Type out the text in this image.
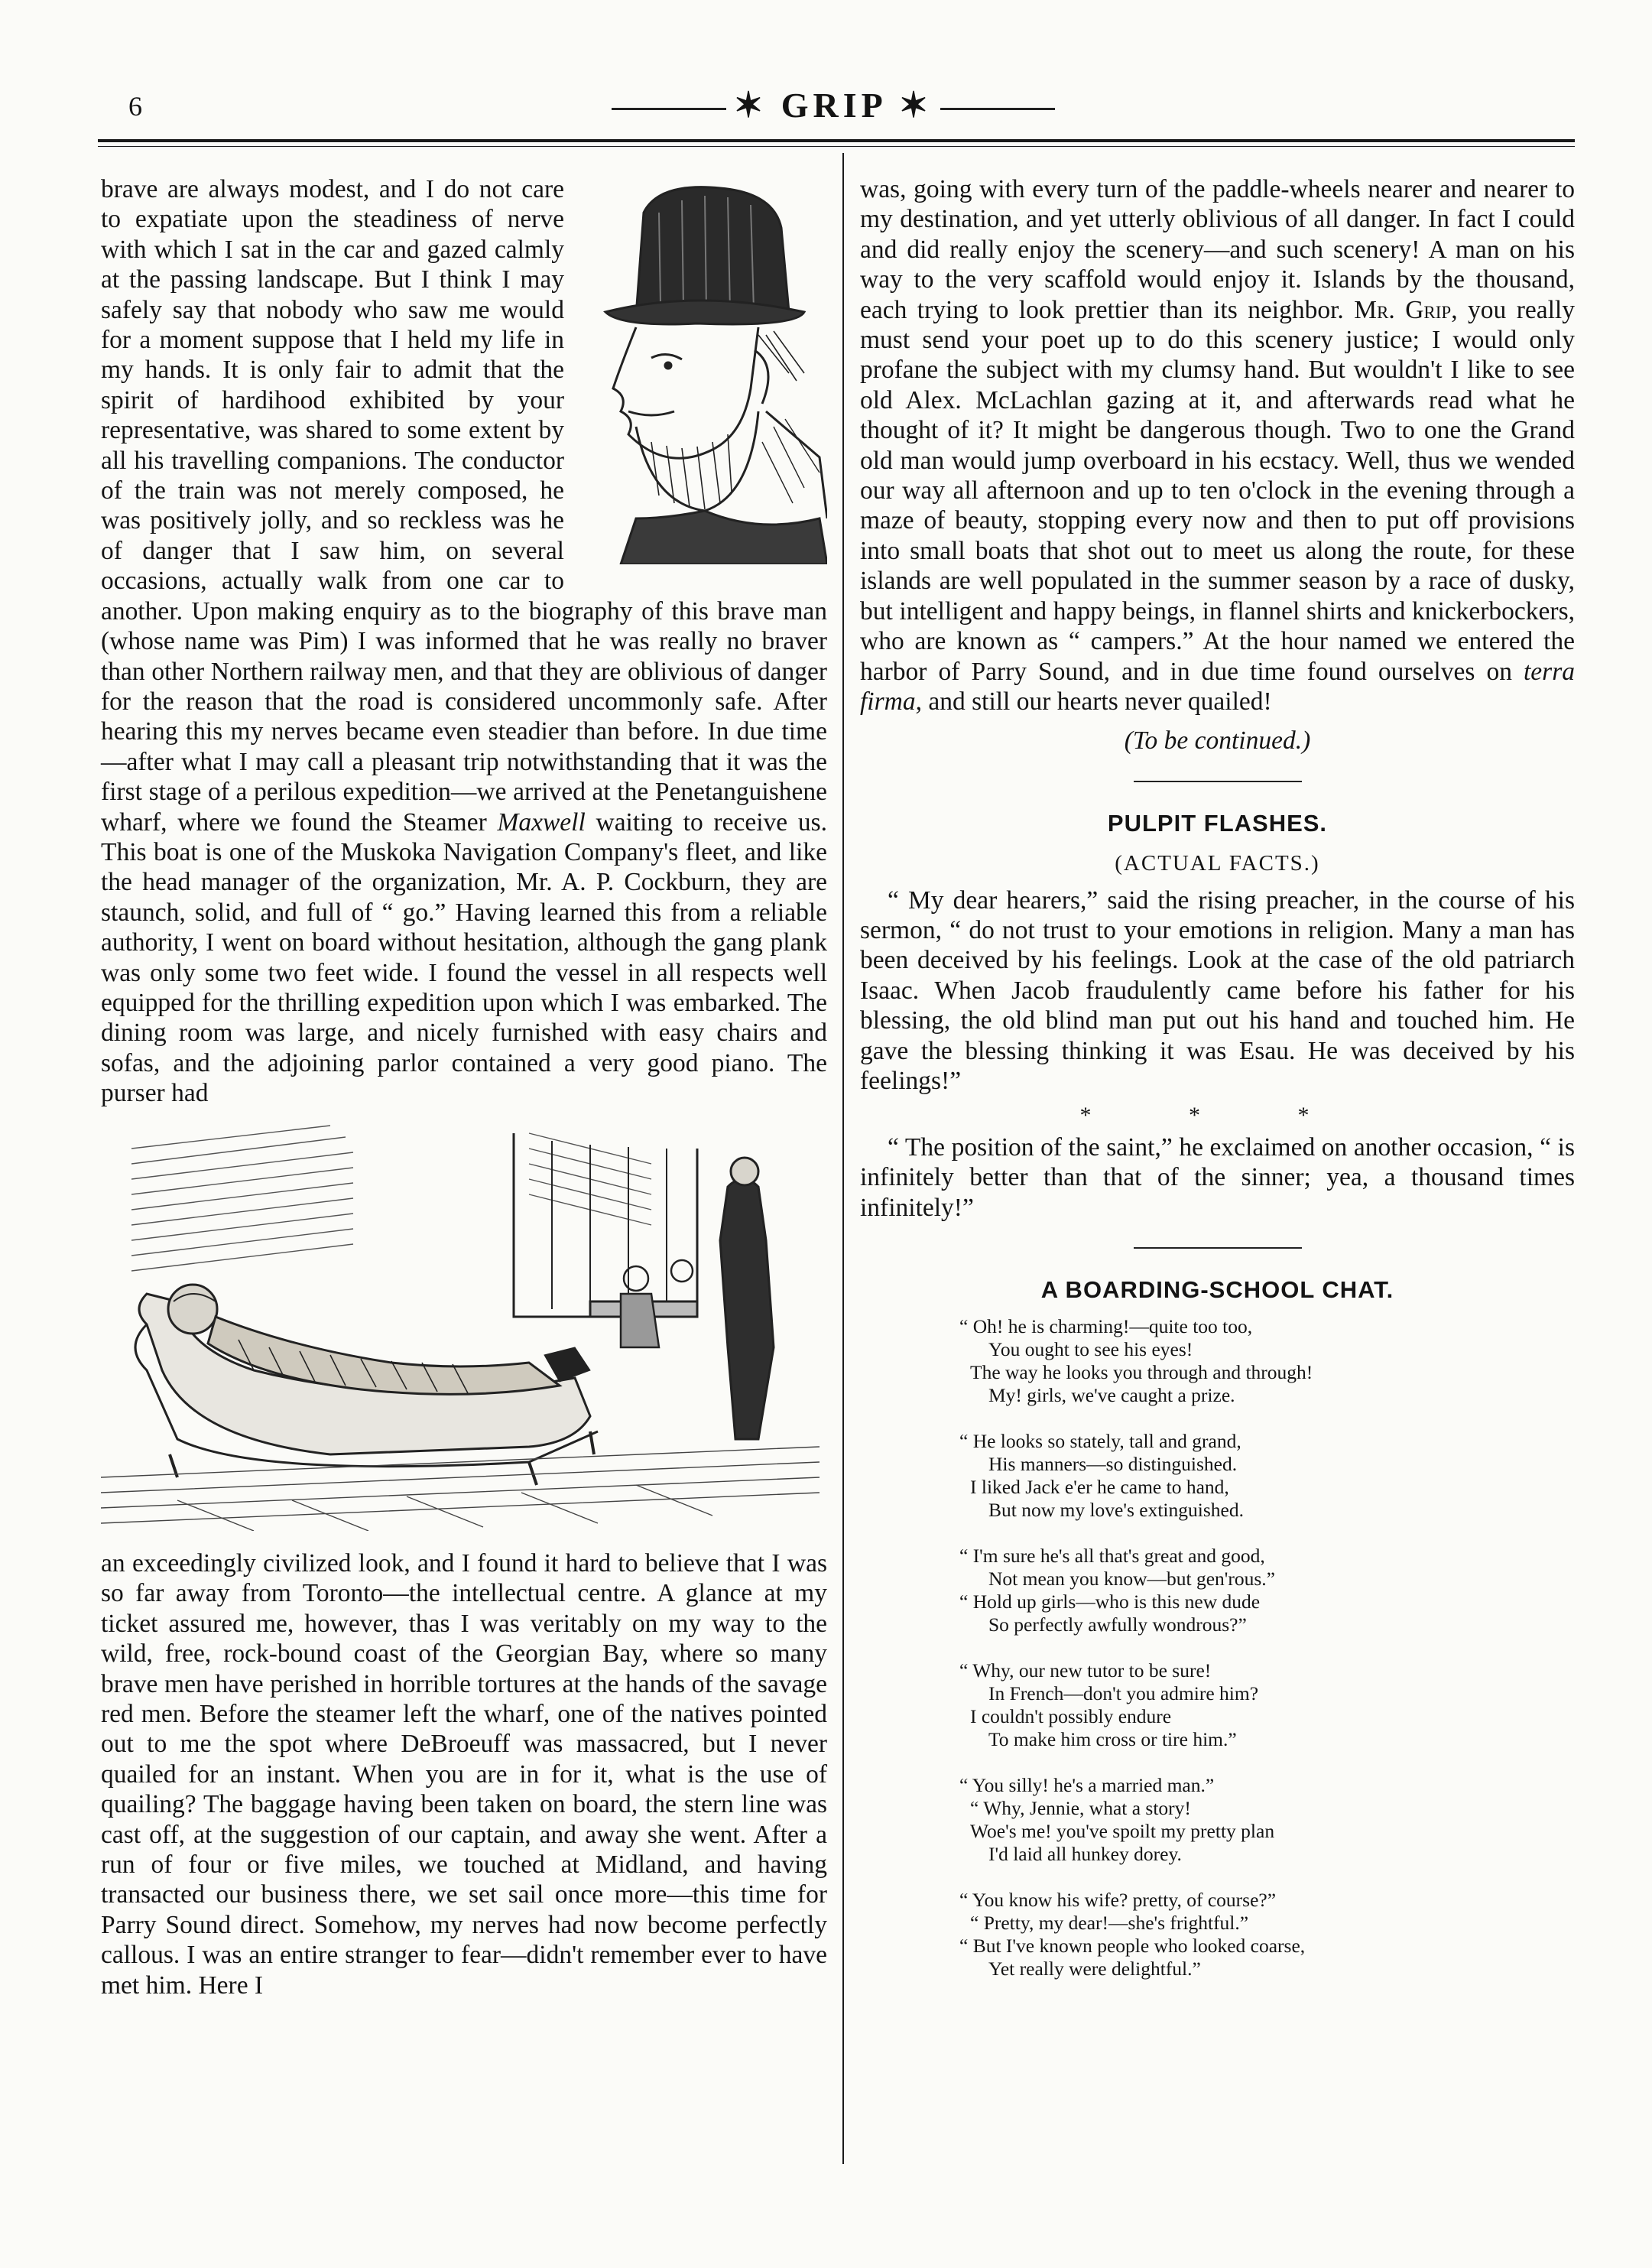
6	✶ GRIP ✶

brave are always modest, and I do not care to expatiate upon the steadiness of nerve with which I sat in the car and gazed calmly at the passing landscape. But I think I may safely say that nobody who saw me would for a moment suppose that I held my life in my hands. It is only fair to admit that the spirit of hardihood exhibited by your representative, was shared to some extent by all his travelling companions. The conductor of the train was not merely composed, he was positively jolly, and so reckless was he of danger that I saw him, on several occasions, actually walk from one car to another. Upon making enquiry as to the biography of this brave man (whose name was Pim) I was informed that he was really no braver than other Northern railway men, and that they are oblivious of danger for the reason that the road is considered uncommonly safe. After hearing this my nerves became even steadier than before. In due time—after what I may call a pleasant trip notwithstanding that it was the first stage of a perilous expedition—we arrived at the Penetanguishene wharf, where we found the Steamer Maxwell waiting to receive us. This boat is one of the Muskoka Navigation Company's fleet, and like the head manager of the organization, Mr. A. P. Cockburn, they are staunch, solid, and full of “ go.” Having learned this from a reliable authority, I went on board without hesitation, although the gang plank was only some two feet wide. I found the vessel in all respects well equipped for the thrilling expedition upon which I was embarked. The dining room was large, and nicely furnished with easy chairs and sofas, and the adjoining parlor contained a very good piano. The purser had

an exceedingly civilized look, and I found it hard to believe that I was so far away from Toronto—the intellectual centre. A glance at my ticket assured me, however, thas I was veritably on my way to the wild, free, rock-bound coast of the Georgian Bay, where so many brave men have perished in horrible tortures at the hands of the savage red men. Before the steamer left the wharf, one of the natives pointed out to me the spot where DeBroeuff was massacred, but I never quailed for an instant. When you are in for it, what is the use of quailing? The baggage having been taken on board, the stern line was cast off, at the suggestion of our captain, and away she went. After a run of four or five miles, we touched at Midland, and having transacted our business there, we set sail once more—this time for Parry Sound direct. Somehow, my nerves had now become perfectly callous. I was an entire stranger to fear—didn't remember ever to have met him. Here I

was, going with every turn of the paddle-wheels nearer and nearer to my destination, and yet utterly oblivious of all danger. In fact I could and did really enjoy the scenery—and such scenery! A man on his way to the very scaffold would enjoy it. Islands by the thousand, each trying to look prettier than its neighbor. Mr. Grip, you really must send your poet up to do this scenery justice; I would only profane the subject with my clumsy hand. But wouldn't I like to see old Alex. McLachlan gazing at it, and afterwards read what he thought of it? It might be dangerous though. Two to one the Grand old man would jump overboard in his ecstacy. Well, thus we wended our way all afternoon and up to ten o'clock in the evening through a maze of beauty, stopping every now and then to put off provisions into small boats that shot out to meet us along the route, for these islands are well populated in the summer season by a race of dusky, but intelligent and happy beings, in flannel shirts and knickerbockers, who are known as “ campers.” At the hour named we entered the harbor of Parry Sound, and in due time found ourselves on terra firma, and still our hearts never quailed!

(To be continued.)

PULPIT FLASHES.
(ACTUAL FACTS.)

“ My dear hearers,” said the rising preacher, in the course of his sermon, “ do not trust to your emotions in religion. Many a man has been deceived by his feelings. Look at the case of the old patriarch Isaac. When Jacob fraudulently came before his father for his blessing, the old blind man put out his hand and touched him. He gave the blessing thinking it was Esau. He was deceived by his feelings!”

* * *

“ The position of the saint,” he exclaimed on another occasion, “ is infinitely better than that of the sinner; yea, a thousand times infinitely!”

A BOARDING-SCHOOL CHAT.
“ Oh! he is charming!—quite too too,
You ought to see his eyes!
The way he looks you through and through!
My! girls, we've caught a prize.
“ He looks so stately, tall and grand,
His manners—so distinguished.
I liked Jack e'er he came to hand,
But now my love's extinguished.
“ I'm sure he's all that's great and good,
Not mean you know—but gen'rous.”
“ Hold up girls—who is this new dude
So perfectly awfully wondrous?”
“ Why, our new tutor to be sure!
In French—don't you admire him?
I couldn't possibly endure
To make him cross or tire him.”
“ You silly! he's a married man.”
“ Why, Jennie, what a story!
Woe's me! you've spoilt my pretty plan
I'd laid all hunkey dorey.
“ You know his wife? pretty, of course?”
“ Pretty, my dear!—she's frightful.”
“ But I've known people who looked coarse,
Yet really were delightful.”
